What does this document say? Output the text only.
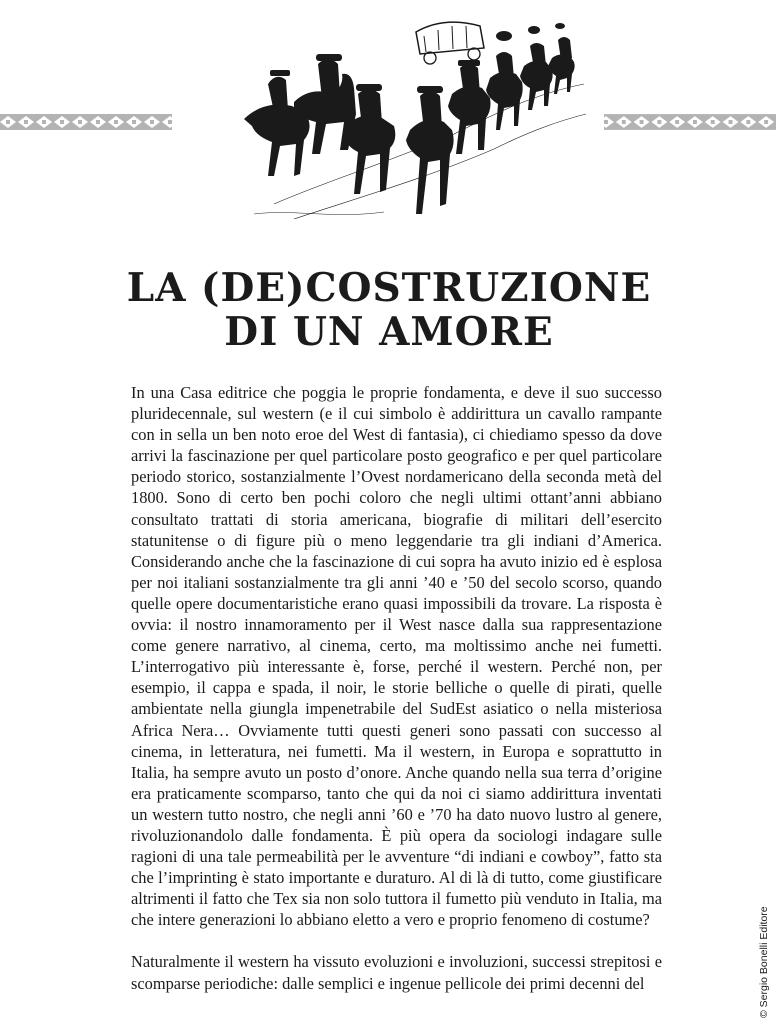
LA (DE)COSTRUZIONE
DI UN AMORE

In una Casa editrice che poggia le proprie fondamenta, e deve il suo successo pluridecennale, sul western (e il cui simbolo è addirittura un cavallo rampante con in sella un ben noto eroe del West di fantasia), ci chiediamo spesso da dove arrivi la fascinazione per quel particolare posto geografico e per quel particolare periodo storico, sostanzialmente l’Ovest nordamericano della seconda metà del 1800. Sono di certo ben pochi coloro che negli ultimi ottant’anni abbiano consultato trattati di storia americana, biografie di militari dell’esercito statunitense o di figure più o meno leggendarie tra gli indiani d’America. Considerando anche che la fascinazione di cui sopra ha avuto inizio ed è esplosa per noi italiani sostanzialmente tra gli anni ’40 e ’50 del secolo scorso, quando quelle opere documentaristiche erano quasi impossibili da trovare. La risposta è ovvia: il nostro innamoramento per il West nasce dalla sua rappresentazione come genere narrativo, al cinema, certo, ma moltissimo anche nei fumetti. L’interrogativo più interessante è, forse, perché il western. Perché non, per esempio, il cappa e spada, il noir, le storie belliche o quelle di pirati, quelle ambientate nella giungla impenetrabile del SudEst asiatico o nella misteriosa Africa Nera… Ovviamente tutti questi generi sono passati con successo al cinema, in letteratura, nei fumetti. Ma il western, in Europa e soprattutto in Italia, ha sempre avuto un posto d’onore. Anche quando nella sua terra d’origine era praticamente scomparso, tanto che qui da noi ci siamo addirittura inventati un western tutto nostro, che negli anni ’60 e ’70 ha dato nuovo lustro al genere, rivoluzionandolo dalle fondamenta. È più opera da sociologi indagare sulle ragioni di una tale permeabilità per le avventure “di indiani e cowboy”, fatto sta che l’imprinting è stato importante e duraturo. Al di là di tutto, come giustificare altrimenti il fatto che Tex sia non solo tuttora il fumetto più venduto in Italia, ma che intere generazioni lo abbiano eletto a vero e proprio fenomeno di costume?

Naturalmente il western ha vissuto evoluzioni e involuzioni, successi strepitosi e scomparse periodiche: dalle semplici e ingenue pellicole dei primi decenni del	© Sergio Bonelli Editore
